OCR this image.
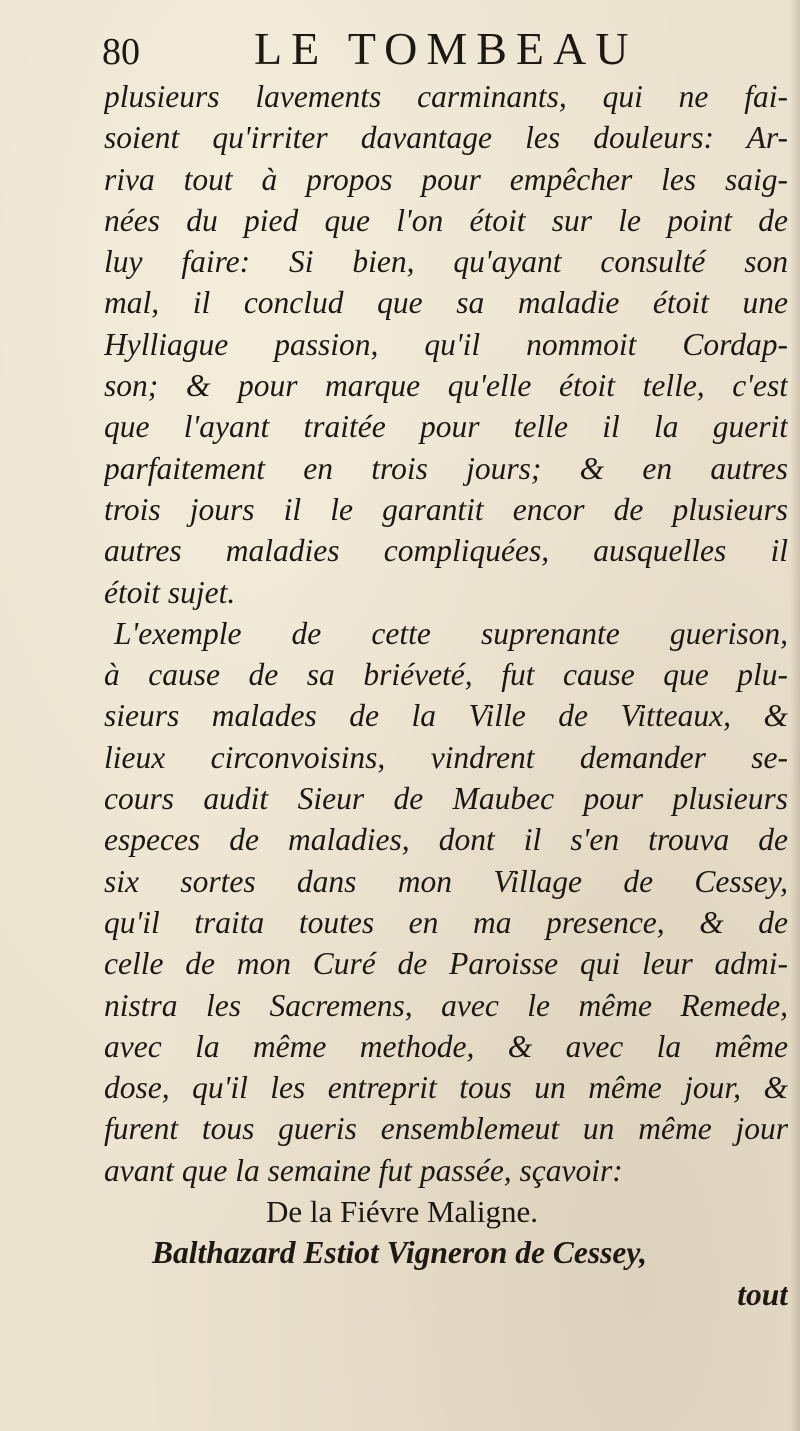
80	LE TOMBEAU
plusieurs lavements carminants, qui ne fai-
soient qu'irriter davantage les douleurs: Ar-
riva tout à propos pour empêcher les saig-
nées du pied que l'on étoit sur le point de
luy faire: Si bien, qu'ayant consulté son
mal, il conclud que sa maladie étoit une
Hylliague passion, qu'il nommoit Cordap-
son; & pour marque qu'elle étoit telle, c'est
que l'ayant traitée pour telle il la guerit
parfaitement en trois jours; & en autres
trois jours il le garantit encor de plusieurs
autres maladies compliquées, ausquelles il
étoit sujet.
L'exemple de cette suprenante guerison,
à cause de sa briéveté, fut cause que plu-
sieurs malades de la Ville de Vitteaux, &
lieux circonvoisins, vindrent demander se-
cours audit Sieur de Maubec pour plusieurs
especes de maladies, dont il s'en trouva de
six sortes dans mon Village de Cessey,
qu'il traita toutes en ma presence, & de
celle de mon Curé de Paroisse qui leur admi-
nistra les Sacremens, avec le même Remede,
avec la même methode, & avec la même
dose, qu'il les entreprit tous un même jour, &
furent tous gueris ensemblemeut un même jour
avant que la semaine fut passée, sçavoir:
De la Fiévre Maligne.
Balthazard Estiot Vigneron de Cessey,
tout
